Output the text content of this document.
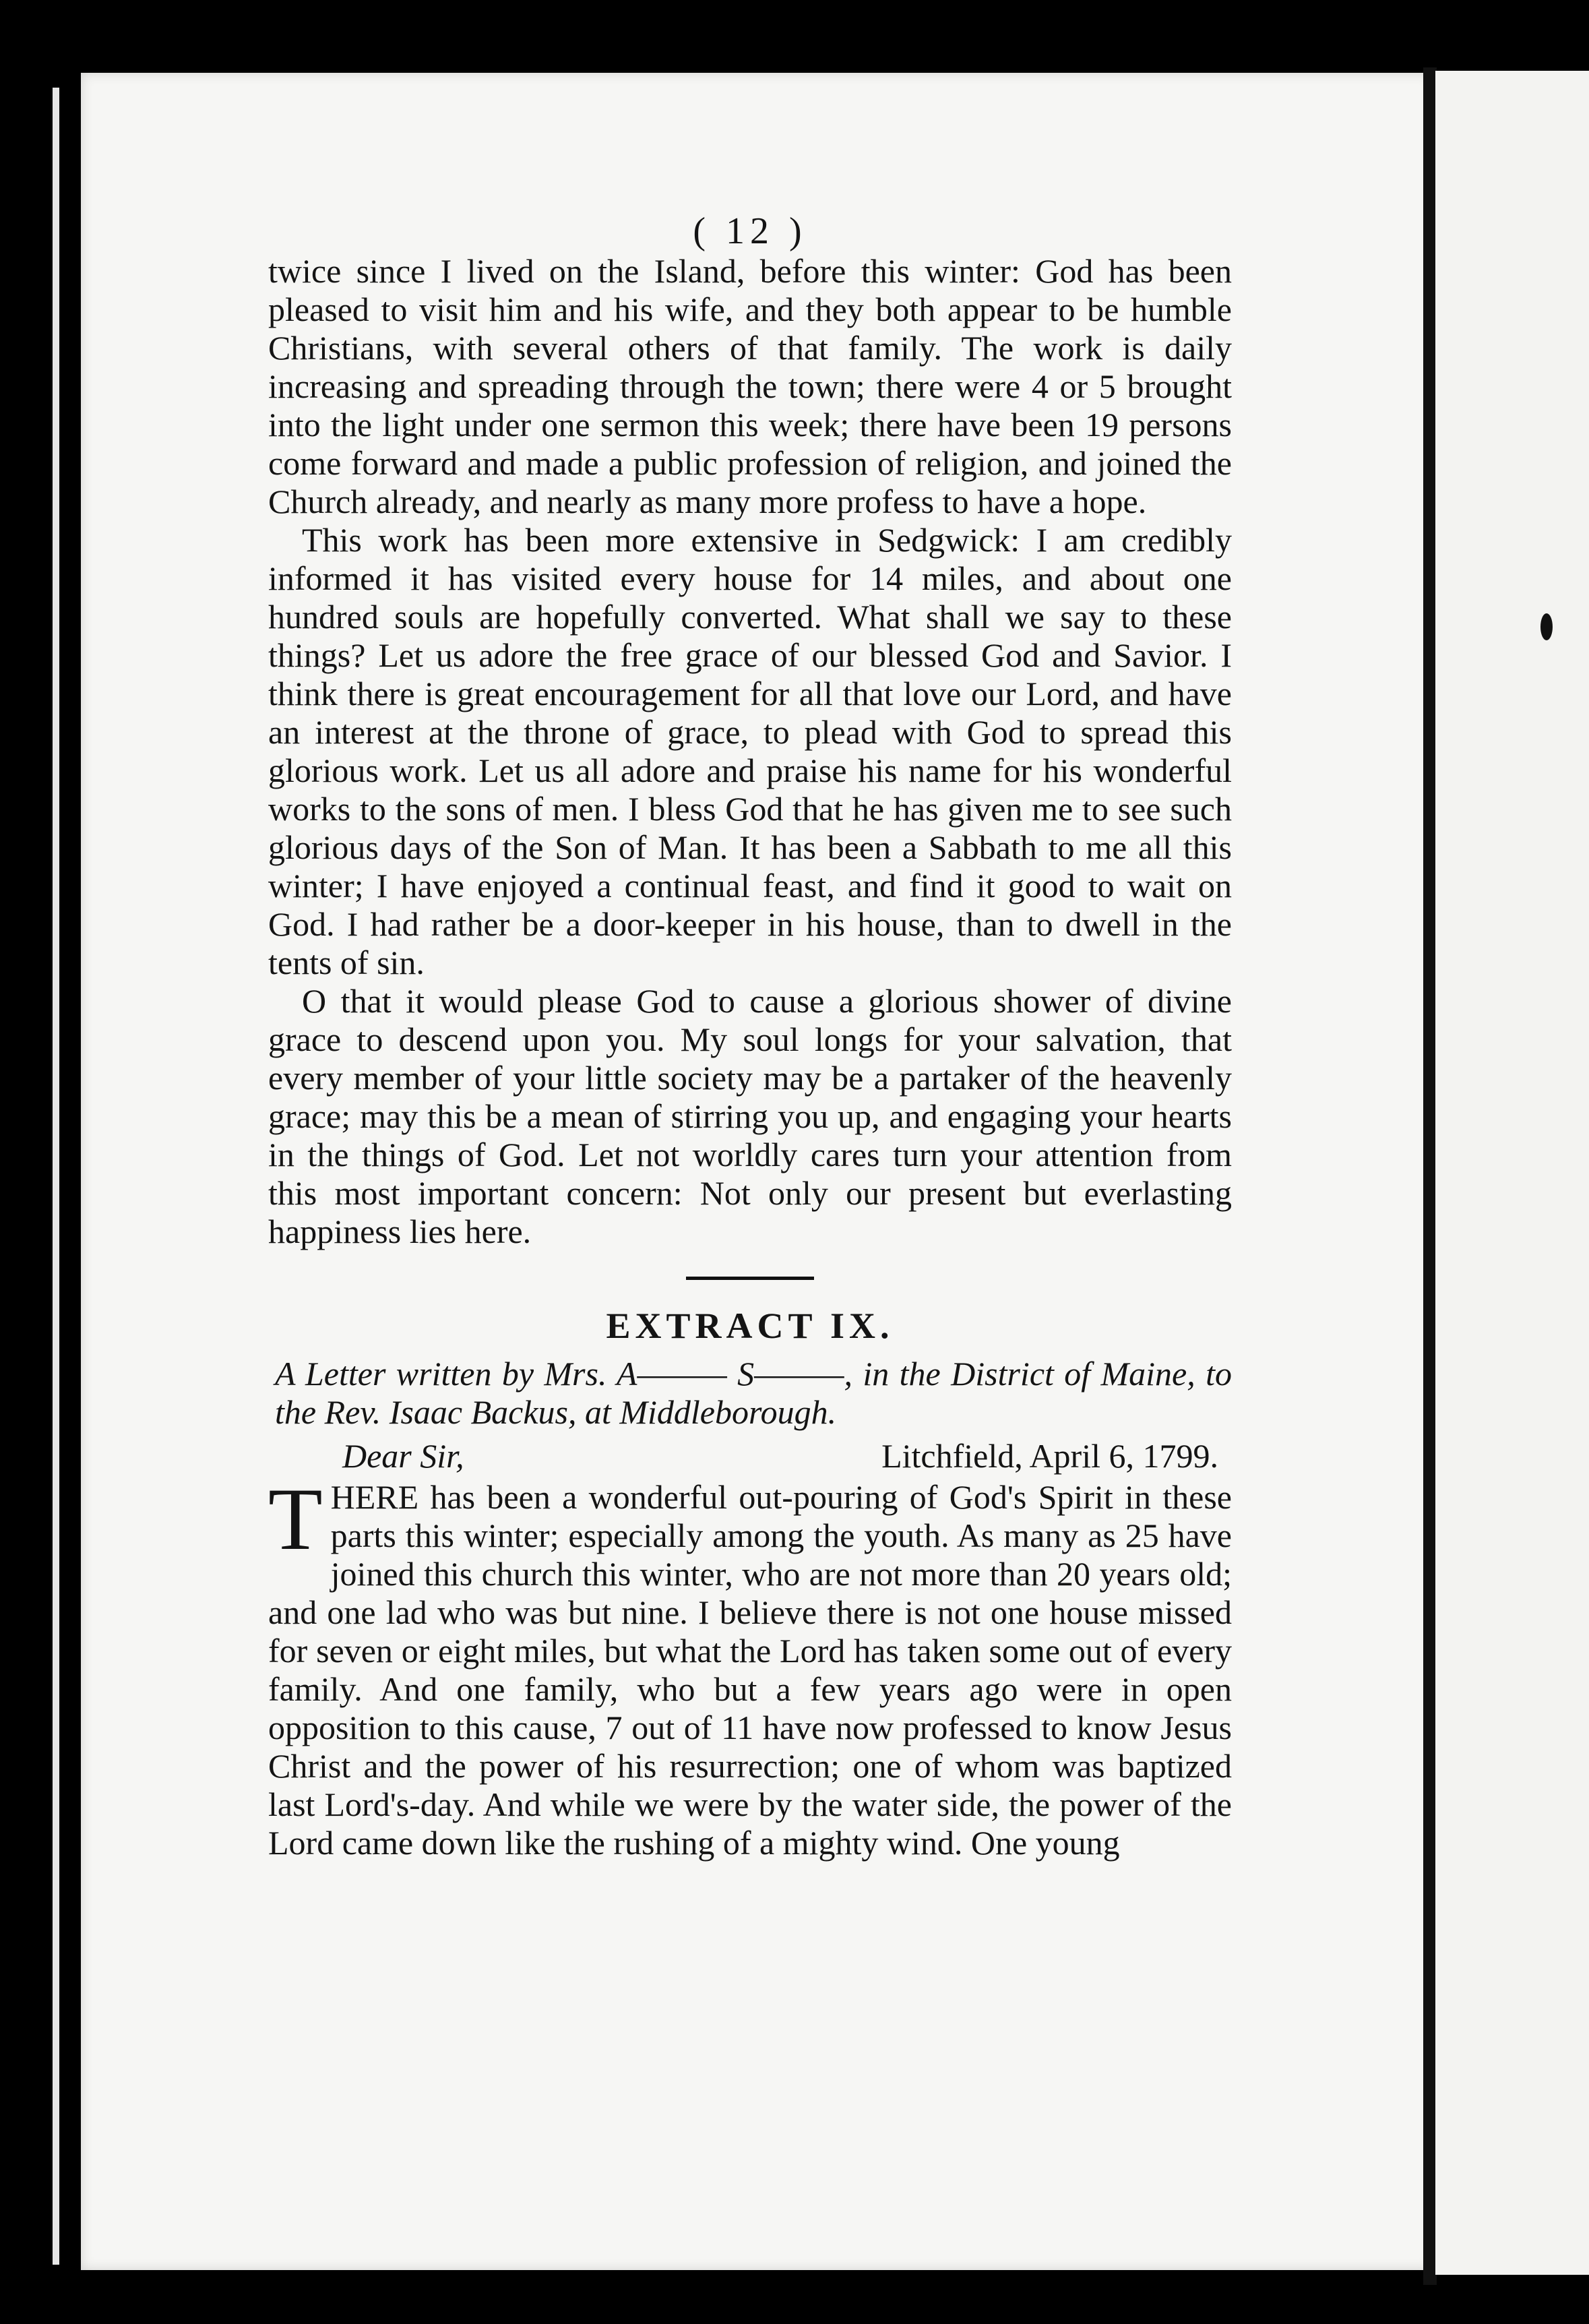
( 12 )

twice since I lived on the Island, before this winter: God has been pleased to visit him and his wife, and they both appear to be humble Christians, with several others of that family. The work is daily increasing and spreading through the town; there were 4 or 5 brought into the light under one sermon this week; there have been 19 persons come forward and made a public profession of religion, and joined the Church already, and nearly as many more profess to have a hope.

This work has been more extensive in Sedgwick: I am credibly informed it has visited every house for 14 miles, and about one hundred souls are hopefully converted. What shall we say to these things? Let us adore the free grace of our blessed God and Savior. I think there is great encouragement for all that love our Lord, and have an interest at the throne of grace, to plead with God to spread this glorious work. Let us all adore and praise his name for his wonderful works to the sons of men. I bless God that he has given me to see such glorious days of the Son of Man. It has been a Sabbath to me all this winter; I have enjoyed a continual feast, and find it good to wait on God. I had rather be a door-keeper in his house, than to dwell in the tents of sin.

O that it would please God to cause a glorious shower of divine grace to descend upon you. My soul longs for your salvation, that every member of your little society may be a partaker of the heavenly grace; may this be a mean of stirring you up, and engaging your hearts in the things of God. Let not worldly cares turn your attention from this most important concern: Not only our present but everlasting happiness lies here.

EXTRACT IX.
A Letter written by Mrs. A——— S———, in the District of Maine, to the Rev. Isaac Backus, at Middleborough.
Dear Sir,	Litchfield, April 6, 1799.

THERE has been a wonderful out-pouring of God's Spirit in these parts this winter; especially among the youth. As many as 25 have joined this church this winter, who are not more than 20 years old; and one lad who was but nine. I believe there is not one house missed for seven or eight miles, but what the Lord has taken some out of every family. And one family, who but a few years ago were in open opposition to this cause, 7 out of 11 have now professed to know Jesus Christ and the power of his resurrection; one of whom was baptized last Lord's-day. And while we were by the water side, the power of the Lord came down like the rushing of a mighty wind. One young
